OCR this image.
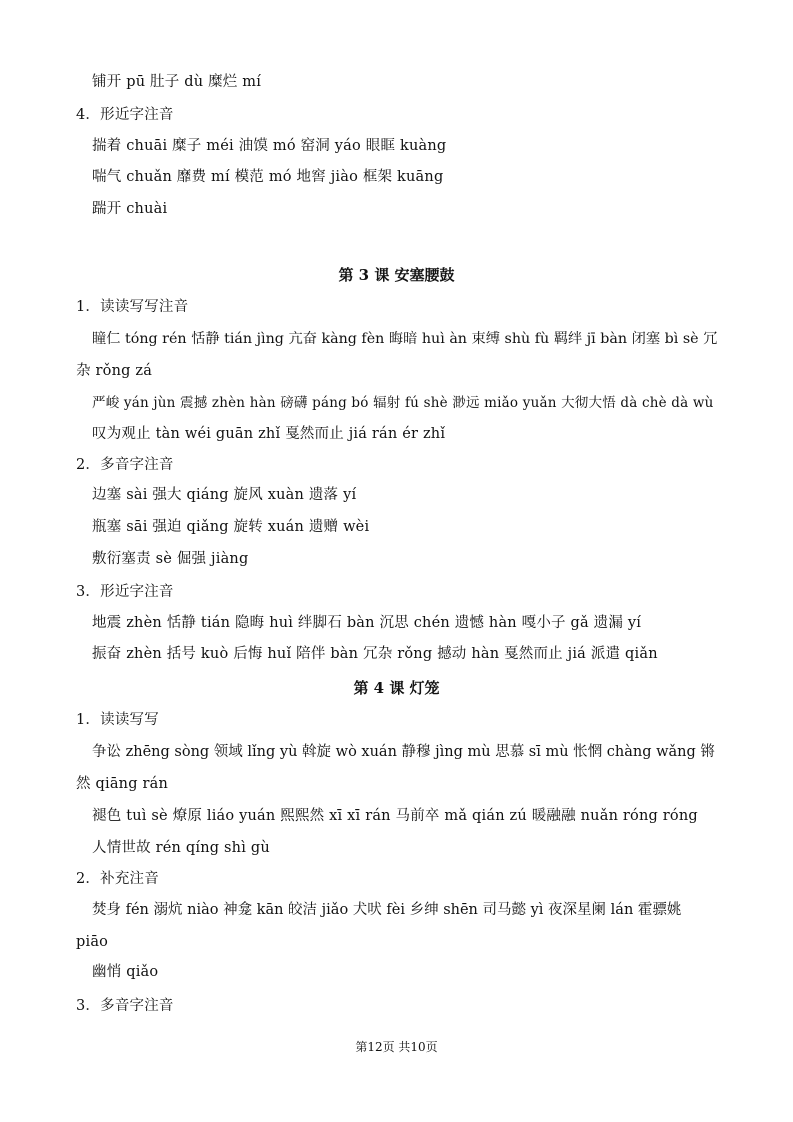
铺开 pū 肚子 dù 糜烂 mí
4．形近字注音
揣着 chuāi 糜子 méi 油馍 mó 窑洞 yáo 眼眶 kuàng
喘气 chuǎn 靡费 mí 模范 mó 地窖 jiào 框架 kuāng
踹开 chuài
第 3 课 安塞腰鼓
1．读读写写注音
瞳仁 tóng rén 恬静 tián jìng 亢奋 kàng fèn 晦暗 huì àn 束缚 shù fù 羁绊 jī bàn 闭塞 bì sè 冗
杂 rǒng zá
严峻 yán jùn 震撼 zhèn hàn 磅礴 páng bó 辐射 fú shè 渺远 miǎo yuǎn 大彻大悟 dà chè dà wù
叹为观止 tàn wéi guān zhǐ 戛然而止 jiá rán ér zhǐ
2．多音字注音
边塞 sài 强大 qiáng 旋风 xuàn 遗落 yí
瓶塞 sāi 强迫 qiǎng 旋转 xuán 遗赠 wèi
敷衍塞责 sè 倔强 jiàng
3．形近字注音
地震 zhèn 恬静 tián 隐晦 huì 绊脚石 bàn 沉思 chén 遗憾 hàn 嘎小子 gǎ 遗漏 yí
振奋 zhèn 括号 kuò 后悔 huǐ 陪伴 bàn 冗杂 rǒng 撼动 hàn 戛然而止 jiá 派遣 qiǎn
第 4 课 灯笼
1．读读写写
争讼 zhēng sòng 领域 lǐng yù 斡旋 wò xuán 静穆 jìng mù 思慕 sī mù 怅惘 chàng wǎng 锵
然 qiāng rán
褪色 tuì sè 燎原 liáo yuán 熙熙然 xī xī rán 马前卒 mǎ qián zú 暖融融 nuǎn róng róng
人情世故 rén qíng shì gù
2．补充注音
焚身 fén 溺炕 niào 神龛 kān 皎洁 jiǎo 犬吠 fèi 乡绅 shēn 司马懿 yì 夜深星阑 lán 霍骠姚
piāo
幽悄 qiǎo
3．多音字注音
第12页 共10页
